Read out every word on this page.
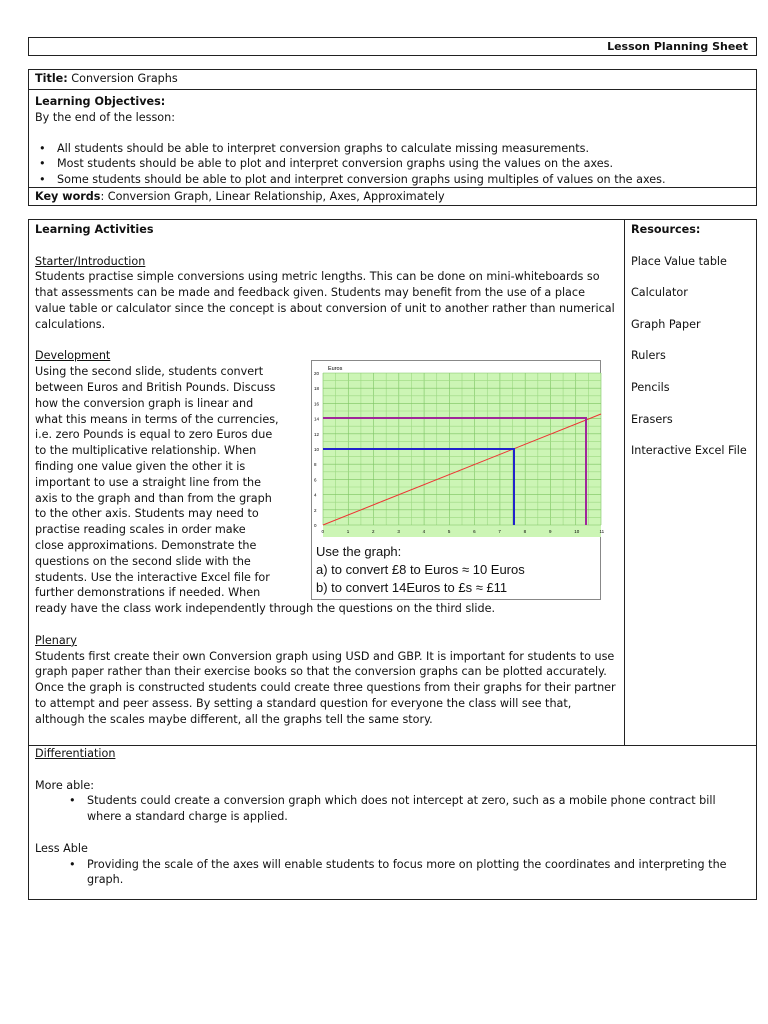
Lesson Planning Sheet
Title: Conversion Graphs
Learning Objectives:

By the end of the lesson:

• All students should be able to interpret conversion graphs to calculate missing measurements.
• Most students should be able to plot and interpret conversion graphs using the values on the axes.
• Some students should be able to plot and interpret conversion graphs using multiples of values on the axes.
Key words: Conversion Graph, Linear Relationship, Axes, Approximately
Learning Activities
Starter/Introduction

Students practise simple conversions using metric lengths. This can be done on mini-whiteboards so that assessments can be made and feedback given. Students may benefit from the use of a place value table or calculator since the concept is about conversion of unit to another rather than numerical calculations.

Development
Using the second slide, students convert
between Euros and British Pounds. Discuss
how the conversion graph is linear and
what this means in terms of the currencies,
i.e. zero Pounds is equal to zero Euros due
to the multiplicative relationship. When
finding one value given the other it is
important to use a straight line from the
axis to the graph and than from the graph
to the other axis. Students may need to
practise reading scales in order make
close approximations. Demonstrate the
questions on the second slide with the
students. Use the interactive Excel file for
further demonstrations if needed. When
ready have the class work independently through the questions on the third slide.
Plenary

Students first create their own Conversion graph using USD and GBP. It is important for students to use graph paper rather than their exercise books so that the conversion graphs can be plotted accurately. Once the graph is constructed students could create three questions from their graphs for their partner to attempt and peer assess. By setting a standard question for everyone the class will see that, although the scales maybe different, all the graphs tell the same story.

Resources:

Place Value table

Calculator

Graph Paper

Rulers

Pencils

Erasers

Interactive Excel File

Differentiation

More able:

• Students could create a conversion graph which does not intercept at zero, such as a mobile phone contract bill where a standard charge is applied.

Less Able

• Providing the scale of the axes will enable students to focus more on plotting the coordinates and interpreting the graph.
0
2
4
6
8
10
12
14
16
18
20
0	1	2	3	4	5	6	7	8	9	10	11
Euros
Use the graph:
a) to convert £8 to Euros ≈ 10 Euros
b) to convert 14Euros to £s ≈ £11
